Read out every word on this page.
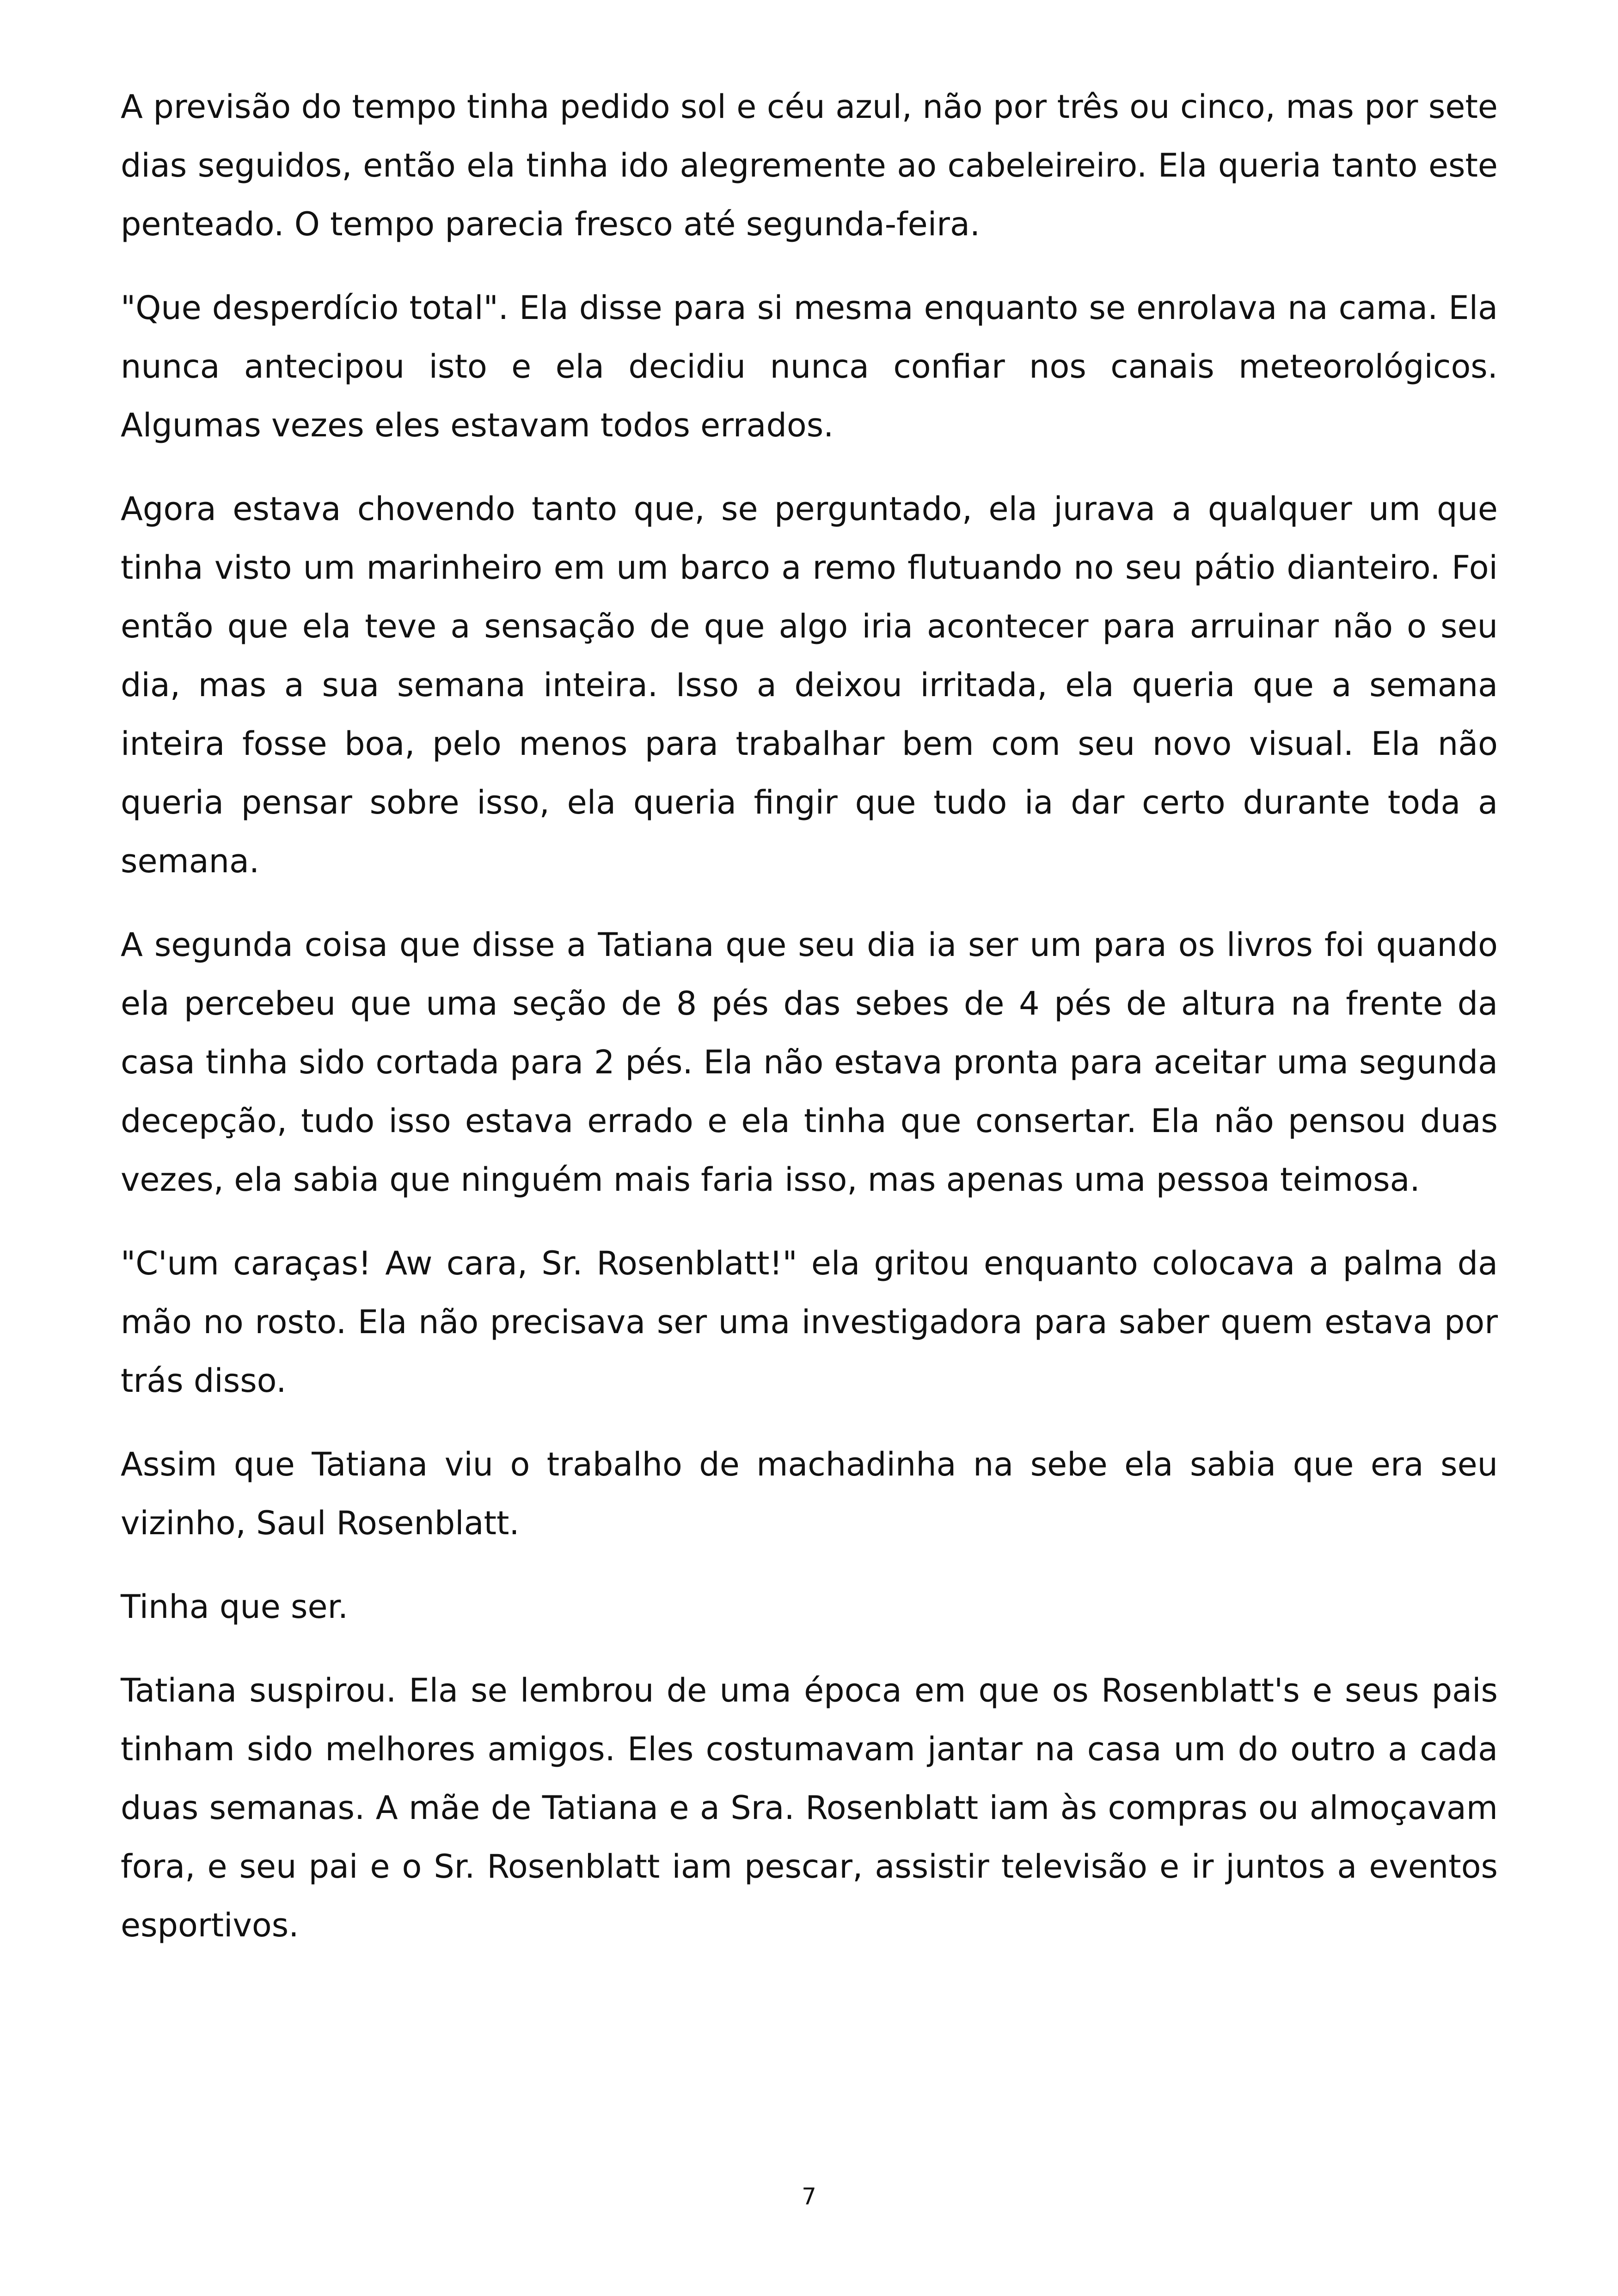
A previsão do tempo tinha pedido sol e céu azul, não por três ou cinco, mas por sete dias seguidos, então ela tinha ido alegremente ao cabeleireiro. Ela queria tanto este penteado. O tempo parecia fresco até segunda-feira.

"Que desperdício total". Ela disse para si mesma enquanto se enrolava na cama. Ela nunca antecipou isto e ela decidiu nunca confiar nos canais meteorológicos. Algumas vezes eles estavam todos errados.

Agora estava chovendo tanto que, se perguntado, ela jurava a qualquer um que tinha visto um marinheiro em um barco a remo flutuando no seu pátio dianteiro. Foi então que ela teve a sensação de que algo iria acontecer para arruinar não o seu dia, mas a sua semana inteira. Isso a deixou irritada, ela queria que a semana inteira fosse boa, pelo menos para trabalhar bem com seu novo visual. Ela não queria pensar sobre isso, ela queria fingir que tudo ia dar certo durante toda a semana.

A segunda coisa que disse a Tatiana que seu dia ia ser um para os livros foi quando ela percebeu que uma seção de 8 pés das sebes de 4 pés de altura na frente da casa tinha sido cortada para 2 pés. Ela não estava pronta para aceitar uma segunda decepção, tudo isso estava errado e ela tinha que consertar. Ela não pensou duas vezes, ela sabia que ninguém mais faria isso, mas apenas uma pessoa teimosa.

"C'um caraças! Aw cara, Sr. Rosenblatt!" ela gritou enquanto colocava a palma da mão no rosto. Ela não precisava ser uma investigadora para saber quem estava por trás disso.

Assim que Tatiana viu o trabalho de machadinha na sebe ela sabia que era seu vizinho, Saul Rosenblatt.

Tinha que ser.

Tatiana suspirou. Ela se lembrou de uma época em que os Rosenblatt's e seus pais tinham sido melhores amigos. Eles costumavam jantar na casa um do outro a cada duas semanas. A mãe de Tatiana e a Sra. Rosenblatt iam às compras ou almoçavam fora, e seu pai e o Sr. Rosenblatt iam pescar, assistir televisão e ir juntos a eventos esportivos.

7
